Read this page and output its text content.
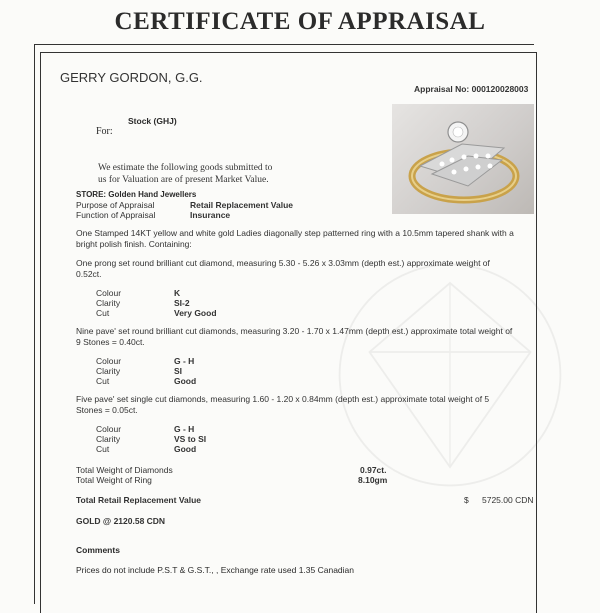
CERTIFICATE OF APPRAISAL
GERRY GORDON, G.G.
Appraisal No: 000120028003
Stock (GHJ)
For:
We estimate the following goods submitted to
us for Valuation are of present Market Value.
STORE: Golden Hand Jewellers
Purpose of Appraisal	Retail Replacement Value
Function of Appraisal	Insurance
One Stamped 14KT yellow and white gold Ladies diagonally step patterned ring with a 10.5mm tapered shank with a bright polish finish. Containing:
One prong set round brilliant cut diamond, measuring 5.30 - 5.26 x 3.03mm (depth est.) approximate weight of 0.52ct.
Colour	K
Clarity	SI-2
Cut	Very Good
Nine pave' set round brilliant cut diamonds, measuring 3.20 - 1.70 x 1.47mm (depth est.) approximate total weight of 9 Stones = 0.40ct.
Colour	G - H
Clarity	SI
Cut	Good
Five pave' set single cut diamonds, measuring 1.60 - 1.20 x 0.84mm (depth est.) approximate total weight of 5 Stones = 0.05ct.
Colour	G - H
Clarity	VS to SI
Cut	Good
Total Weight of Diamonds	0.97ct.
Total Weight of Ring	8.10gm
Total Retail Replacement Value	$ 5725.00 CDN
GOLD @ 2120.58 CDN
Comments
Prices do not include P.S.T & G.S.T., , Exchange rate used 1.35 Canadian
